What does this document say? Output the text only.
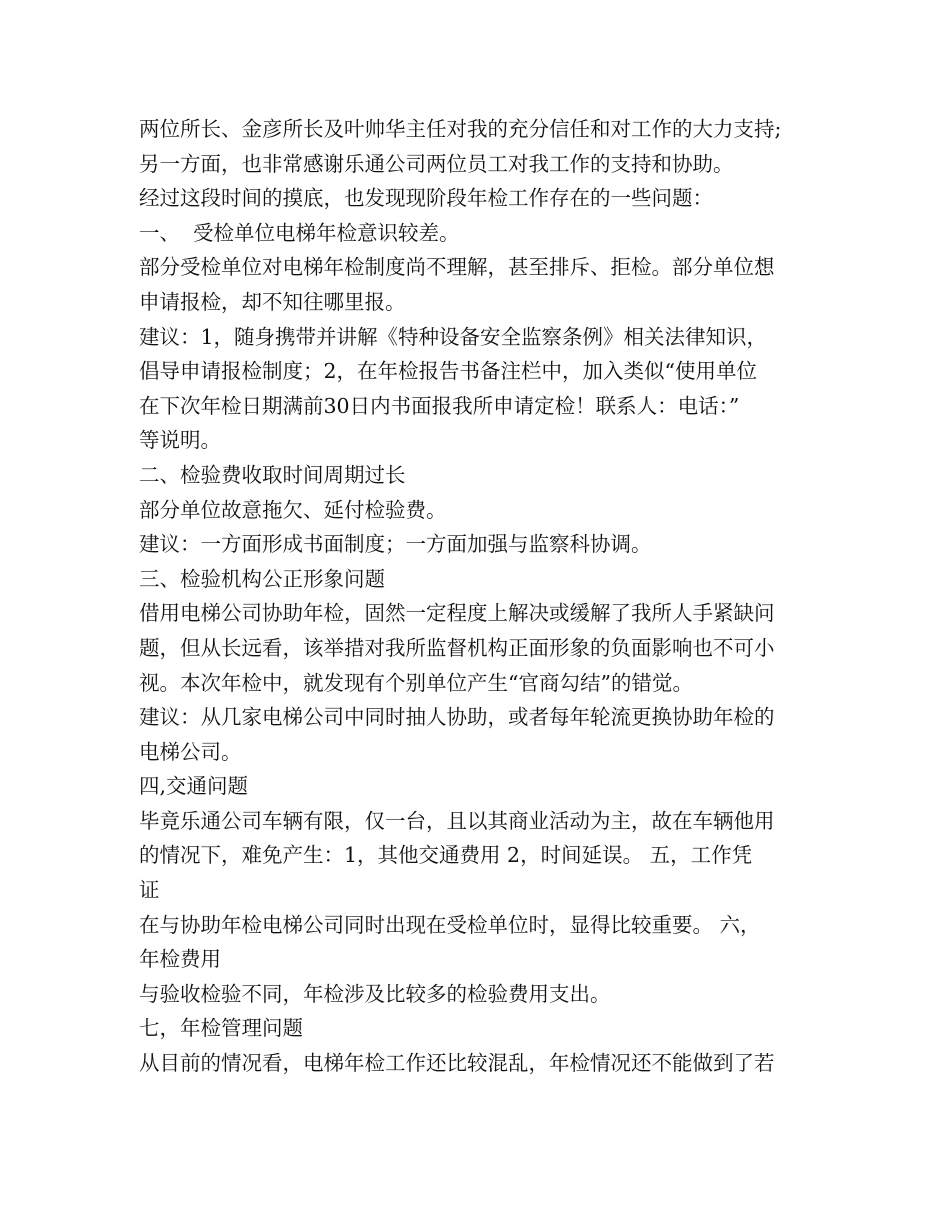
两位所长、金彦所长及叶帅华主任对我的充分信任和对工作的大力支持;
另一方面，也非常感谢乐通公司两位员工对我工作的支持和协助。
经过这段时间的摸底，也发现现阶段年检工作存在的一些问题：
一、  受检单位电梯年检意识较差。
部分受检单位对电梯年检制度尚不理解，甚至排斥、拒检。部分单位想
申请报检，却不知往哪里报。
建议：1，随身携带并讲解《特种设备安全监察条例》相关法律知识，
倡导申请报检制度；2，在年检报告书备注栏中，加入类似“使用单位
在下次年检日期满前30日内书面报我所申请定检！联系人：电话：”
等说明。
二、检验费收取时间周期过长
部分单位故意拖欠、延付检验费。
建议：一方面形成书面制度；一方面加强与监察科协调。
三、检验机构公正形象问题
借用电梯公司协助年检，固然一定程度上解决或缓解了我所人手紧缺问
题，但从长远看，该举措对我所监督机构正面形象的负面影响也不可小
视。本次年检中，就发现有个别单位产生“官商勾结”的错觉。
建议：从几家电梯公司中同时抽人协助，或者每年轮流更换协助年检的
电梯公司。
四,交通问题
毕竟乐通公司车辆有限，仅一台，且以其商业活动为主，故在车辆他用
的情况下，难免产生：1，其他交通费用 2，时间延误。 五，工作凭
证
在与协助年检电梯公司同时出现在受检单位时，显得比较重要。 六，
年检费用
与验收检验不同，年检涉及比较多的检验费用支出。
七，年检管理问题
从目前的情况看，电梯年检工作还比较混乱，年检情况还不能做到了若
